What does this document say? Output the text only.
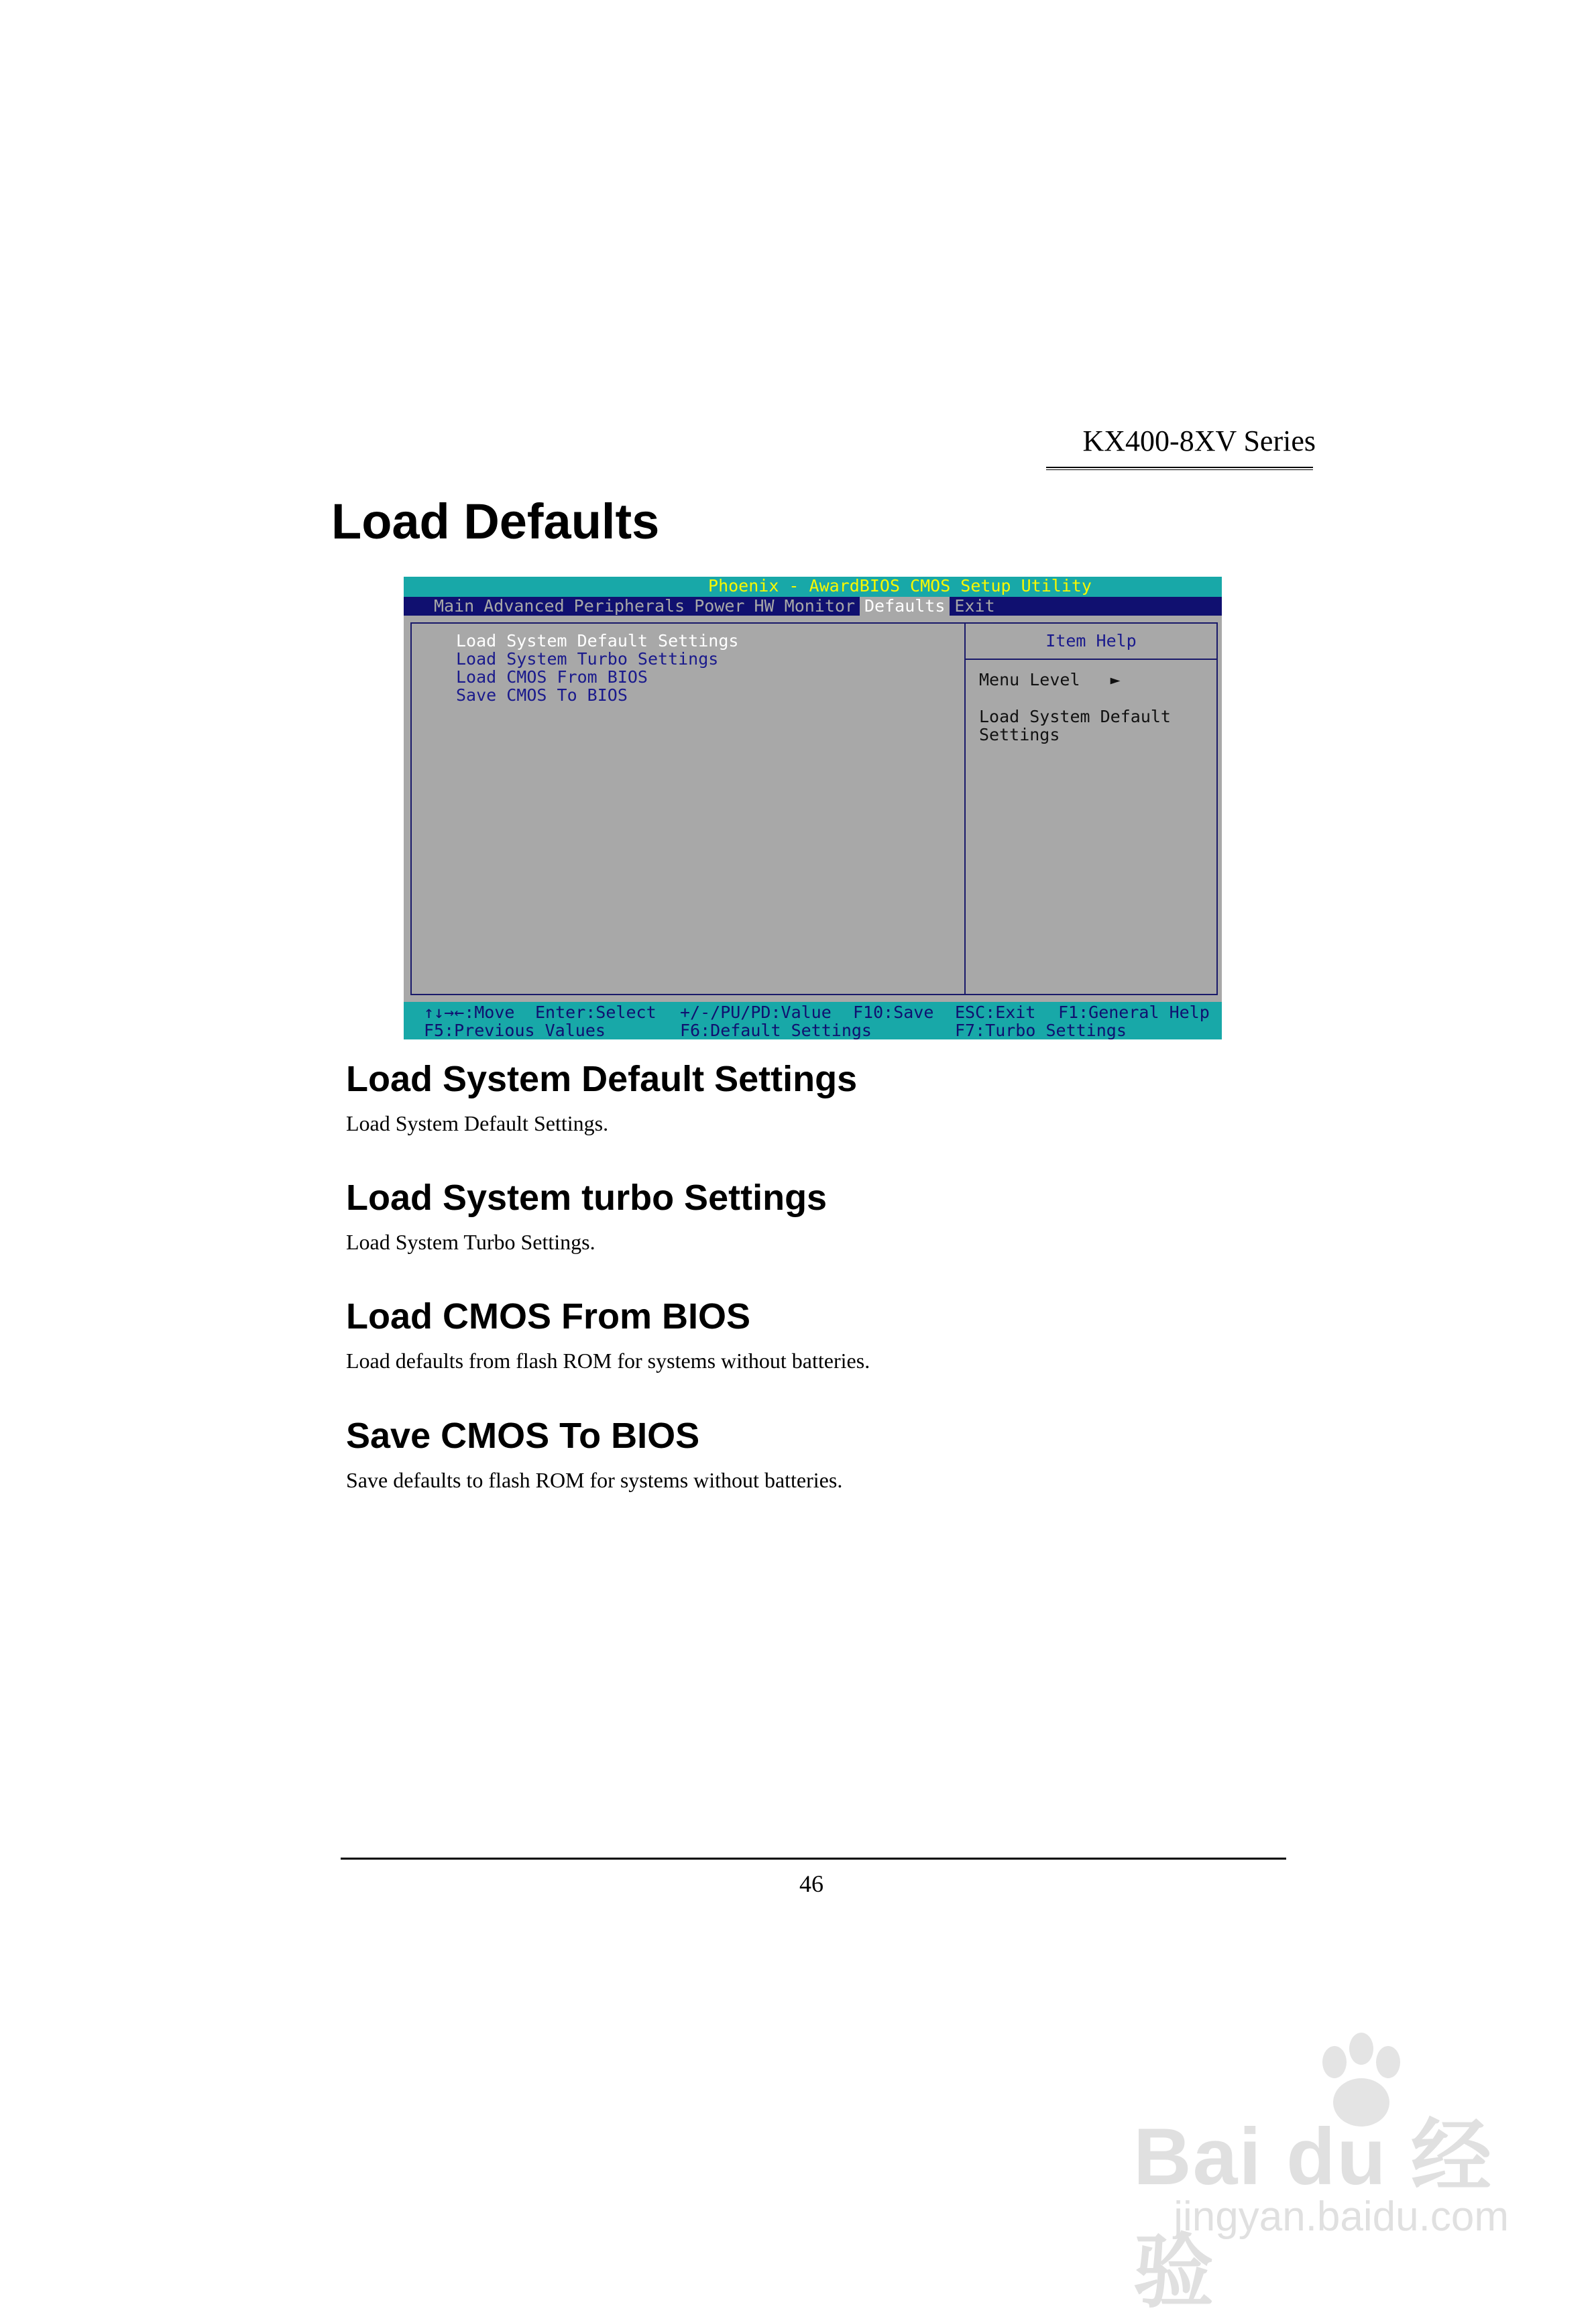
KX400-8XV Series
Load Defaults
Phoenix - AwardBIOS CMOS Setup Utility
Main Advanced Peripherals Power HW Monitor Defaults Exit
Load System Default Settings
Load System Turbo Settings
Load CMOS From BIOS
Save CMOS To BIOS
Item Help
Menu Level ►
Load System Default Settings
↑↓→←:Move Enter:Select +/-/PU/PD:Value F10:Save ESC:Exit F1:General Help
F5:Previous Values	F6:Default Settings	F7:Turbo Settings
Load System Default Settings

Load System Default Settings.

Load System turbo Settings

Load System Turbo Settings.

Load CMOS From BIOS

Load defaults from flash ROM for systems without batteries.

Save CMOS To BIOS

Save defaults to flash ROM for systems without batteries.

46
Bai du 经验
jingyan.baidu.com
